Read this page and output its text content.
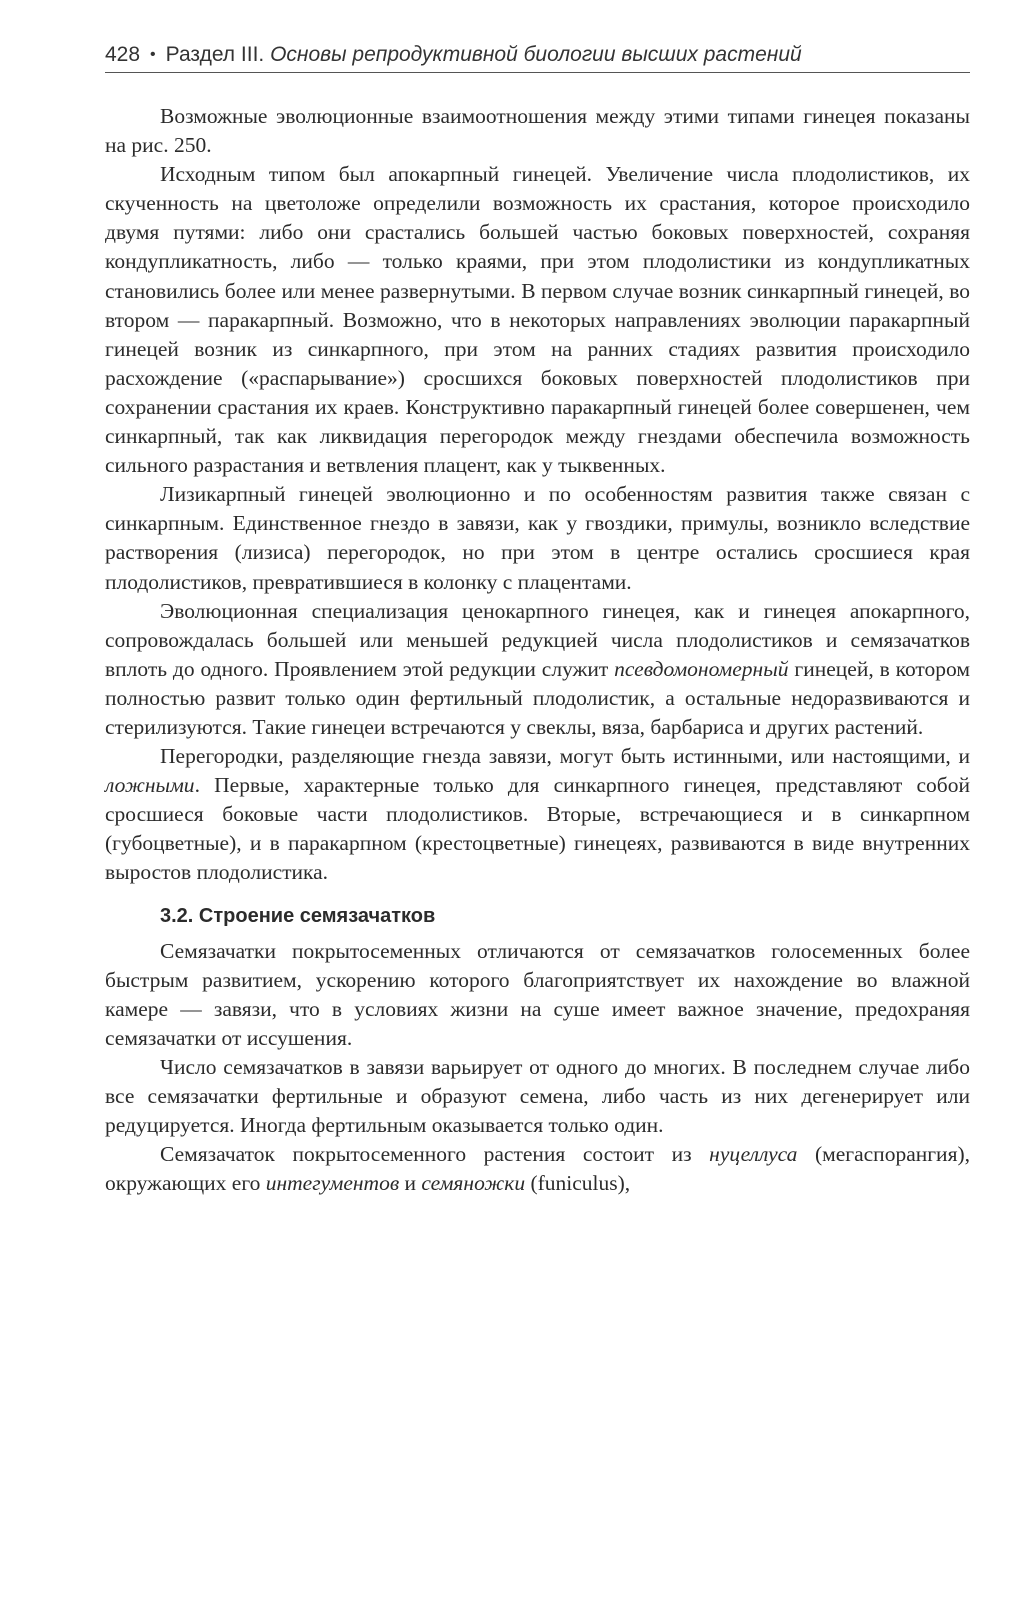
428 • Раздел III. Основы репродуктивной биологии высших растений

Возможные эволюционные взаимоотношения между этими типами гинецея показаны на рис. 250.

Исходным типом был апокарпный гинецей. Увеличение числа плодолистиков, их скученность на цветоложе определили возможность их срастания, которое происходило двумя путями: либо они срастались большей частью боковых поверхностей, сохраняя кондупликатность, либо — только краями, при этом плодолистики из кондупликатных становились более или менее развернутыми. В первом случае возник синкарпный гинецей, во втором — паракарпный. Возможно, что в некоторых направлениях эволюции паракарпный гинецей возник из синкарпного, при этом на ранних стадиях развития происходило расхождение («распарывание») сросшихся боковых поверхностей плодолистиков при сохранении срастания их краев. Конструктивно паракарпный гинецей более совершенен, чем синкарпный, так как ликвидация перегородок между гнездами обеспечила возможность сильного разрастания и ветвления плацент, как у тыквенных.

Лизикарпный гинецей эволюционно и по особенностям развития также связан с синкарпным. Единственное гнездо в завязи, как у гвоздики, примулы, возникло вследствие растворения (лизиса) перегородок, но при этом в центре остались сросшиеся края плодолистиков, превратившиеся в колонку с плацентами.

Эволюционная специализация ценокарпного гинецея, как и гинецея апокарпного, сопровождалась большей или меньшей редукцией числа плодолистиков и семязачатков вплоть до одного. Проявлением этой редукции служит псевдомономерный гинецей, в котором полностью развит только один фертильный плодолистик, а остальные недоразвиваются и стерилизуются. Такие гинецеи встречаются у свеклы, вяза, барбариса и других растений.

Перегородки, разделяющие гнезда завязи, могут быть истинными, или настоящими, и ложными. Первые, характерные только для синкарпного гинецея, представляют собой сросшиеся боковые части плодолистиков. Вторые, встречающиеся и в синкарпном (губоцветные), и в паракарпном (крестоцветные) гинецеях, развиваются в виде внутренних выростов плодолистика.

3.2. Строение семязачатков

Семязачатки покрытосеменных отличаются от семязачатков голосеменных более быстрым развитием, ускорению которого благоприятствует их нахождение во влажной камере — завязи, что в условиях жизни на суше имеет важное значение, предохраняя семязачатки от иссушения.

Число семязачатков в завязи варьирует от одного до многих. В последнем случае либо все семязачатки фертильные и образуют семена, либо часть из них дегенерирует или редуцируется. Иногда фертильным оказывается только один.

Семязачаток покрытосеменного растения состоит из нуцеллуса (мегаспорангия), окружающих его интегументов и семяножки (funiculus),
